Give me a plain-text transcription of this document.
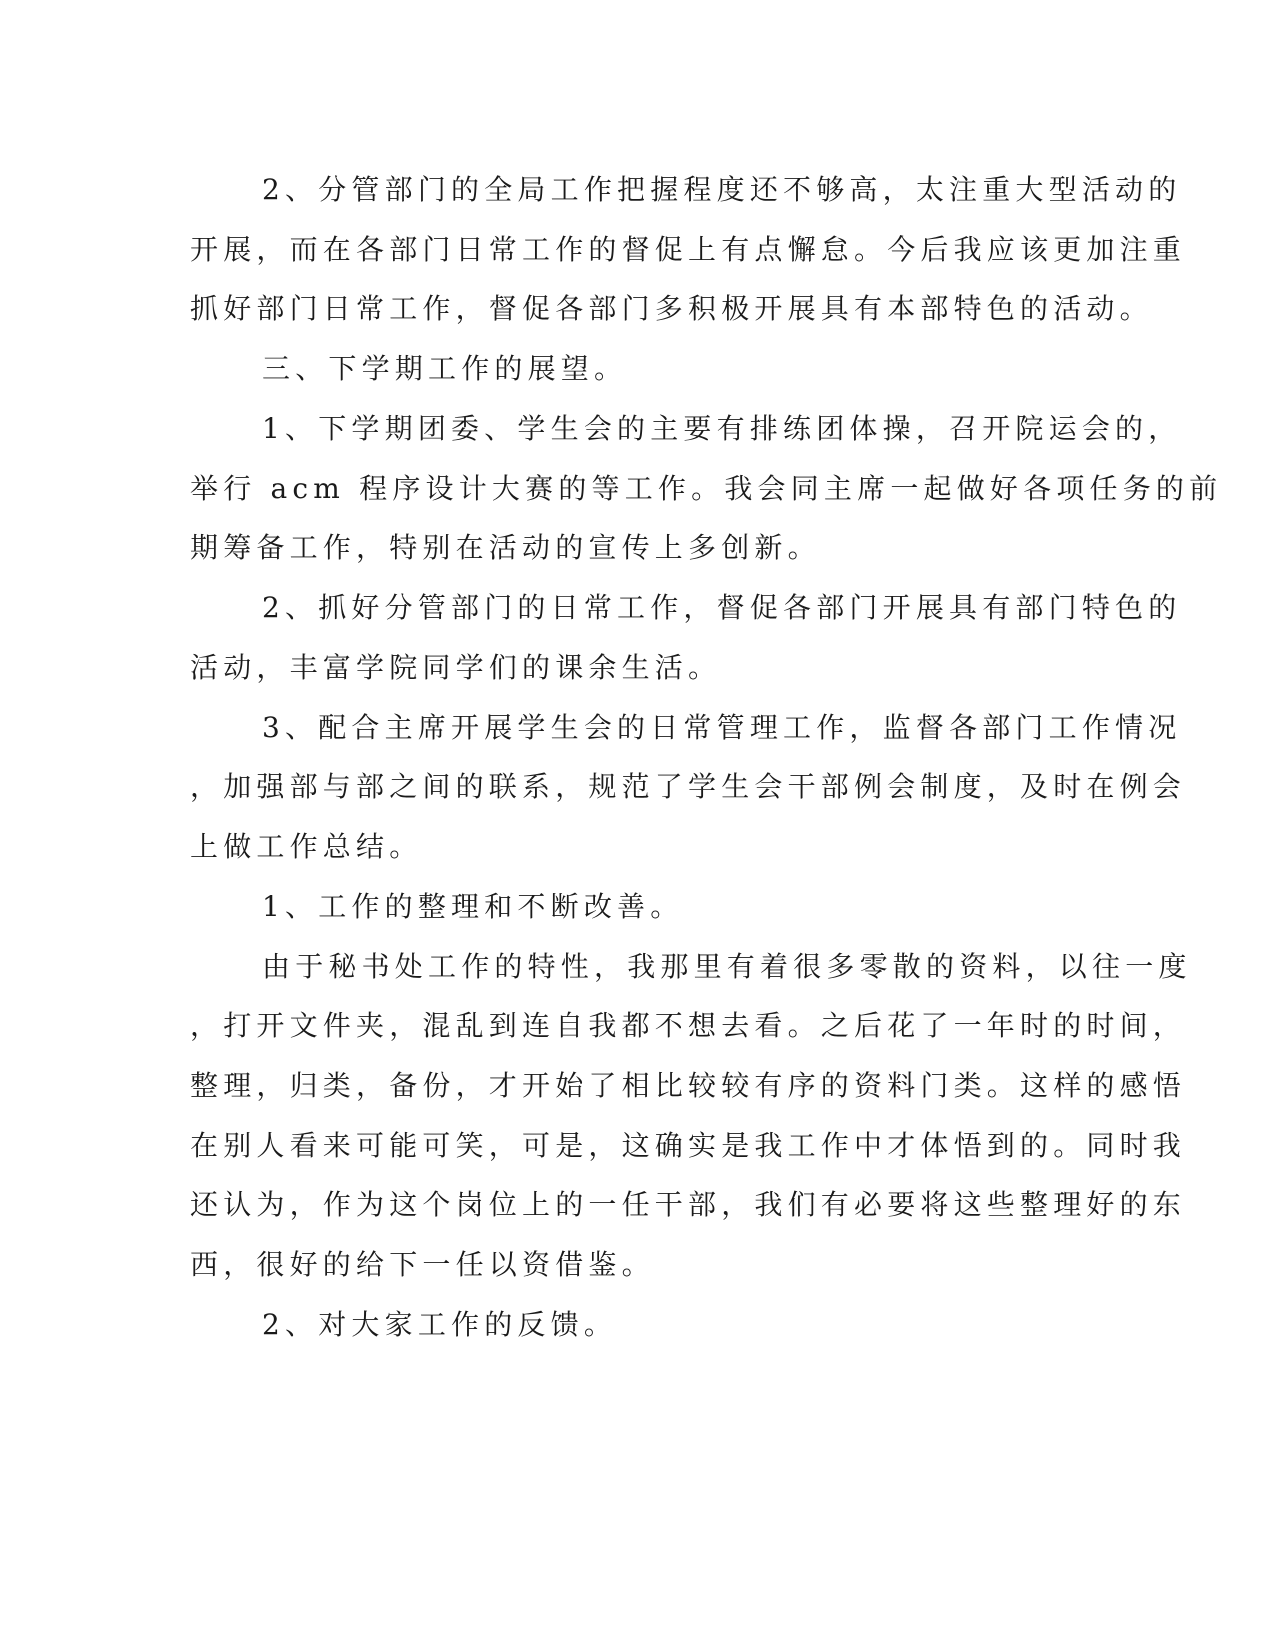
2、分管部门的全局工作把握程度还不够高，太注重大型活动的
开展，而在各部门日常工作的督促上有点懈怠。今后我应该更加注重
抓好部门日常工作，督促各部门多积极开展具有本部特色的活动。
三、下学期工作的展望。
1、下学期团委、学生会的主要有排练团体操，召开院运会的，
举行 acm 程序设计大赛的等工作。我会同主席一起做好各项任务的前
期筹备工作，特别在活动的宣传上多创新。
2、抓好分管部门的日常工作，督促各部门开展具有部门特色的
活动，丰富学院同学们的课余生活。
3、配合主席开展学生会的日常管理工作，监督各部门工作情况
，加强部与部之间的联系，规范了学生会干部例会制度，及时在例会
上做工作总结。
1、工作的整理和不断改善。
由于秘书处工作的特性，我那里有着很多零散的资料，以往一度
，打开文件夹，混乱到连自我都不想去看。之后花了一年时的时间，
整理，归类，备份，才开始了相比较较有序的资料门类。这样的感悟
在别人看来可能可笑，可是，这确实是我工作中才体悟到的。同时我
还认为，作为这个岗位上的一任干部，我们有必要将这些整理好的东
西，很好的给下一任以资借鉴。
2、对大家工作的反馈。
